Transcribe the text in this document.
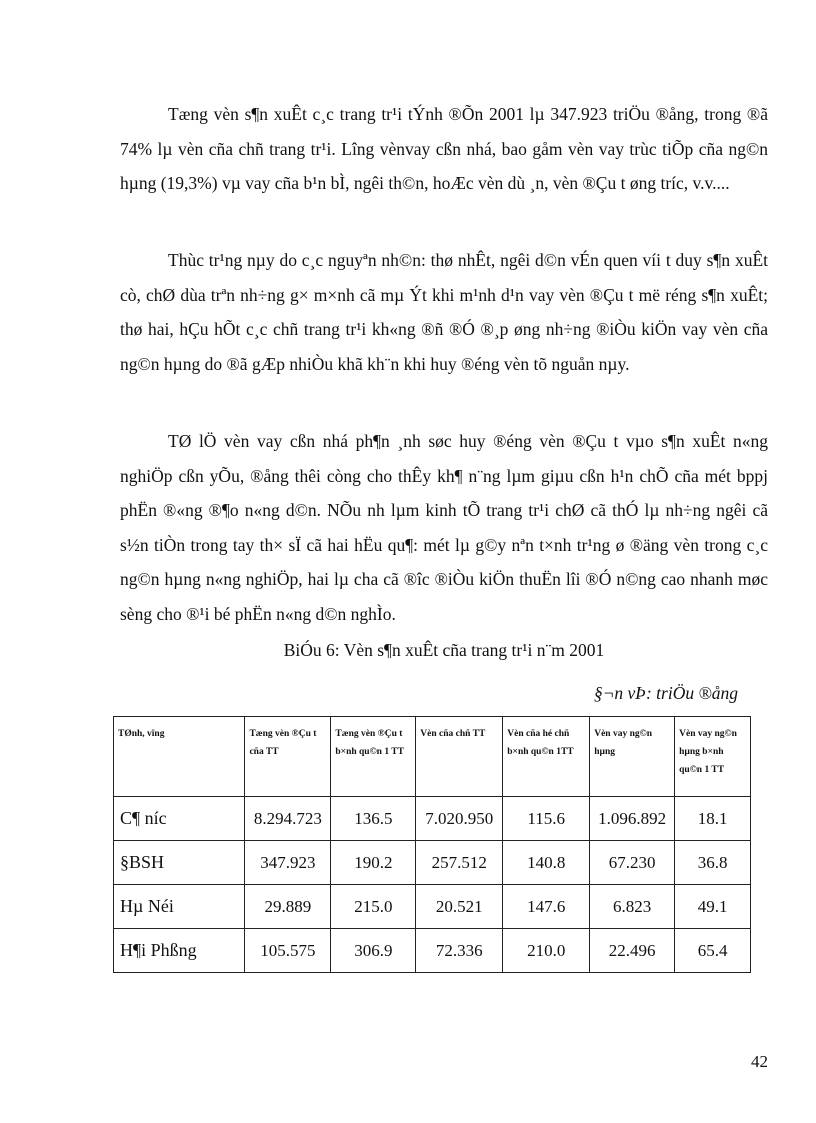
Tæng vèn s¶n xuÊt c¸c trang tr¹i tÝnh ®Õn 2001 lµ 347.923 triÖu ®ång, trong ®ã 74% lµ vèn cña chñ trang tr¹i. Lîng vènvay cßn nhá, bao gåm vèn vay trùc tiÕp cña ng©n hµng (19,3%) vµ vay cña b¹n bÌ, ngêi th©n, hoÆc vèn dù ¸n, vèn ®Çu t øng tríc, v.v....

Thùc tr¹ng nµy do c¸c nguyªn nh©n: thø nhÊt, ngêi d©n vÉn quen víi t duy s¶n xuÊt cò, chØ dùa trªn nh÷ng g× m×nh cã mµ Ýt khi m¹nh d¹n vay vèn ®Çu t më réng s¶n xuÊt; thø hai, hÇu hÕt c¸c chñ trang tr¹i kh«ng ®ñ ®Ó ®¸p øng nh÷ng ®iÒu kiÖn vay vèn cña ng©n hµng do ®ã gÆp nhiÒu khã kh¨n khi huy ®éng vèn tõ nguån nµy.

TØ lÖ vèn vay cßn nhá ph¶n ¸nh søc huy ®éng vèn ®Çu t vµo s¶n xuÊt n«ng nghiÖp cßn yÕu, ®ång thêi còng cho thÊy kh¶ n¨ng lµm giµu cßn h¹n chÕ cña mét bppj phËn ®«ng ®¶o n«ng d©n. NÕu nh lµm kinh tÕ trang tr¹i chØ cã thÓ lµ nh÷ng ngêi cã s½n tiÒn trong tay th× sÏ cã hai hËu qu¶: mét lµ g©y nªn t×nh tr¹ng ø ®äng vèn trong c¸c ng©n hµng n«ng nghiÖp, hai lµ cha cã ®îc ®iÒu kiÖn thuËn lîi ®Ó n©ng cao nhanh møc sèng cho ®¹i bé phËn n«ng d©n nghÌo.

BiÓu 6: Vèn s¶n xuÊt cña trang tr¹i n¨m 2001

§¬n vÞ: triÖu ®ång

TØnh, vïng	Tæng vèn ®Çu t cña TT	Tæng vèn ®Çu t b×nh qu©n 1 TT	Vèn cña chñ TT	Vèn cña hé chñ b×nh qu©n 1TT	Vèn vay ng©n hµng	Vèn vay ng©n hµng b×nh qu©n 1 TT
C¶ níc	8.294.723	136.5	7.020.950	115.6	1.096.892	18.1
§BSH	347.923	190.2	257.512	140.8	67.230	36.8
Hµ Néi	29.889	215.0	20.521	147.6	6.823	49.1
H¶i Phßng	105.575	306.9	72.336	210.0	22.496	65.4

42
